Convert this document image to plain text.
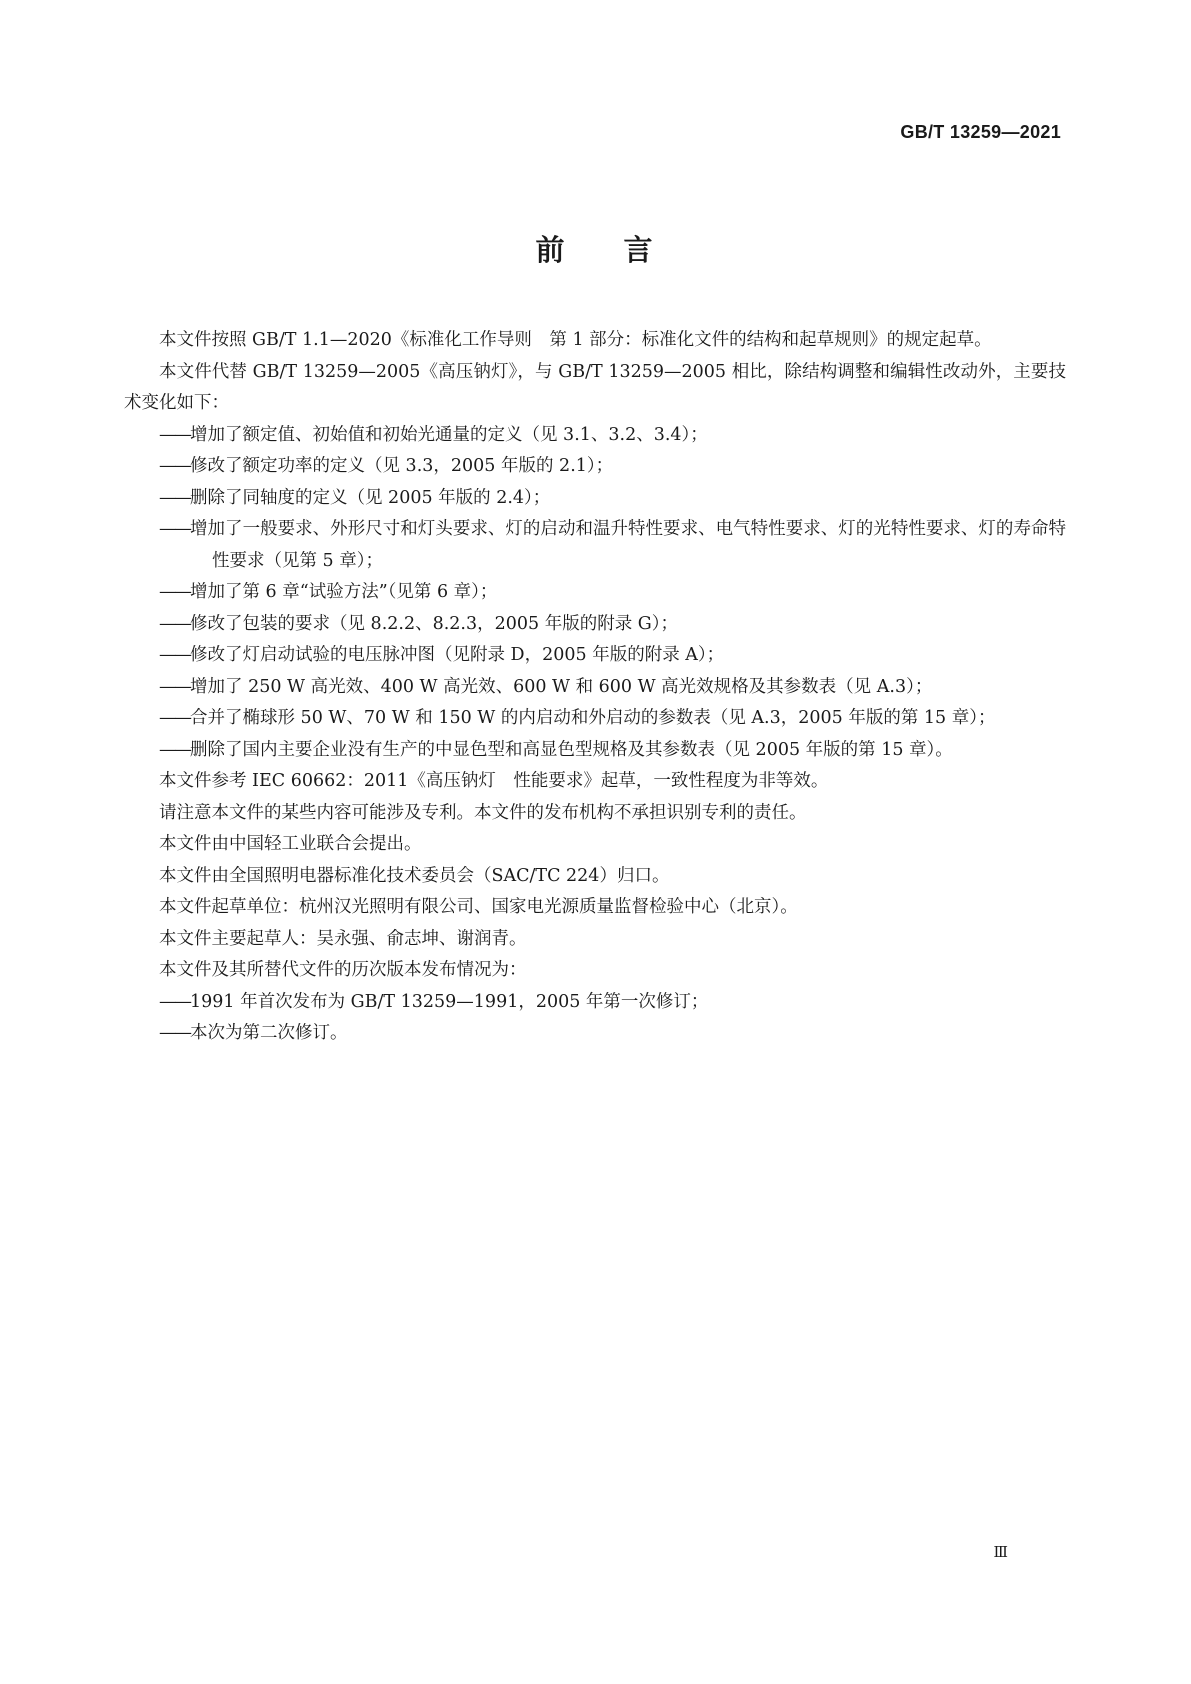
GB/T 13259—2021
前 言
本文件按照 GB/T 1.1—2020《标准化工作导则　第 1 部分：标准化文件的结构和起草规则》的规定起草。
本文件代替 GB/T 13259—2005《高压钠灯》，与 GB/T 13259—2005 相比，除结构调整和编辑性改动外，主要技术变化如下：
——增加了额定值、初始值和初始光通量的定义（见 3.1、3.2、3.4）；
——修改了额定功率的定义（见 3.3，2005 年版的 2.1）；
——删除了同轴度的定义（见 2005 年版的 2.4）；
——增加了一般要求、外形尺寸和灯头要求、灯的启动和温升特性要求、电气特性要求、灯的光特性要求、灯的寿命特性要求（见第 5 章）；
——增加了第 6 章“试验方法”（见第 6 章）；
——修改了包装的要求（见 8.2.2、8.2.3，2005 年版的附录 G）；
——修改了灯启动试验的电压脉冲图（见附录 D，2005 年版的附录 A）；
——增加了 250 W 高光效、400 W 高光效、600 W 和 600 W 高光效规格及其参数表（见 A.3）；
——合并了椭球形 50 W、70 W 和 150 W 的内启动和外启动的参数表（见 A.3，2005 年版的第 15 章）；
——删除了国内主要企业没有生产的中显色型和高显色型规格及其参数表（见 2005 年版的第 15 章）。
本文件参考 IEC 60662：2011《高压钠灯　性能要求》起草，一致性程度为非等效。
请注意本文件的某些内容可能涉及专利。本文件的发布机构不承担识别专利的责任。
本文件由中国轻工业联合会提出。
本文件由全国照明电器标准化技术委员会（SAC/TC 224）归口。
本文件起草单位：杭州汉光照明有限公司、国家电光源质量监督检验中心（北京）。
本文件主要起草人：吴永强、俞志坤、谢润青。
本文件及其所替代文件的历次版本发布情况为：
——1991 年首次发布为 GB/T 13259—1991，2005 年第一次修订；
——本次为第二次修订。
Ⅲ
